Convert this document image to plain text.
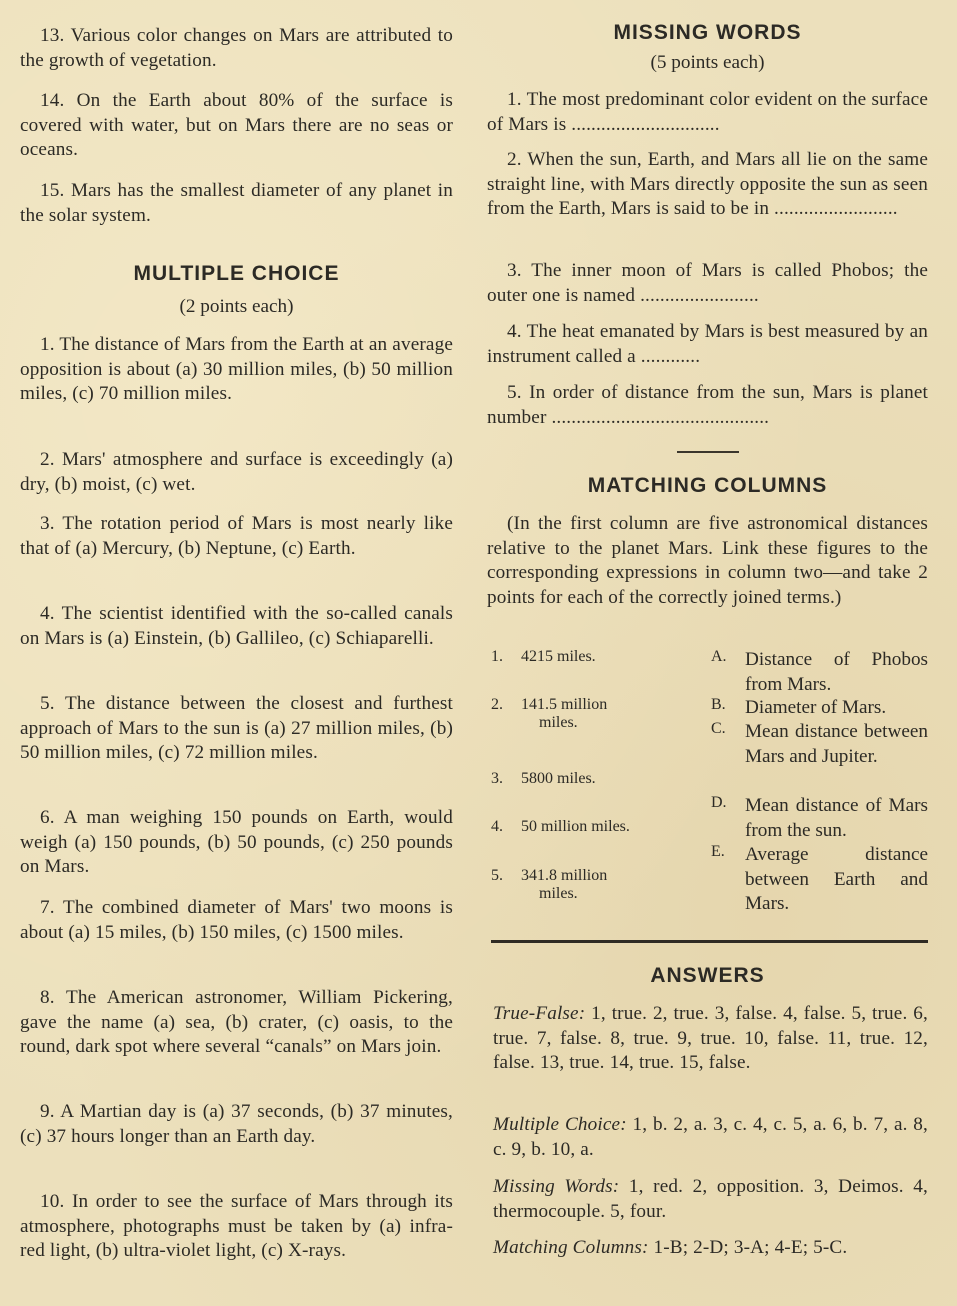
13. Various color changes on Mars are attributed to the growth of vegetation.

14. On the Earth about 80% of the surface is covered with water, but on Mars there are no seas or oceans.

15. Mars has the smallest diameter of any planet in the solar system.

MULTIPLE CHOICE
(2 points each)

1. The distance of Mars from the Earth at an average opposition is about (a) 30 million miles, (b) 50 million miles, (c) 70 million miles.

2. Mars' atmosphere and surface is exceedingly (a) dry, (b) moist, (c) wet.

3. The rotation period of Mars is most nearly like that of (a) Mercury, (b) Neptune, (c) Earth.

4. The scientist identified with the so-called canals on Mars is (a) Einstein, (b) Gallileo, (c) Schiaparelli.

5. The distance between the closest and furthest approach of Mars to the sun is (a) 27 million miles, (b) 50 million miles, (c) 72 million miles.

6. A man weighing 150 pounds on Earth, would weigh (a) 150 pounds, (b) 50 pounds, (c) 250 pounds on Mars.

7. The combined diameter of Mars' two moons is about (a) 15 miles, (b) 150 miles, (c) 1500 miles.

8. The American astronomer, William Pickering, gave the name (a) sea, (b) crater, (c) oasis, to the round, dark spot where several “canals” on Mars join.

9. A Martian day is (a) 37 seconds, (b) 37 minutes, (c) 37 hours longer than an Earth day.

10. In order to see the surface of Mars through its atmosphere, photographs must be taken by (a) infra-red light, (b) ultra-violet light, (c) X-rays.

MISSING WORDS
(5 points each)

1. The most predominant color evident on the surface of Mars is ..............................

2. When the sun, Earth, and Mars all lie on the same straight line, with Mars directly opposite the sun as seen from the Earth, Mars is said to be in .........................

3. The inner moon of Mars is called Phobos; the outer one is named ........................

4. The heat emanated by Mars is best measured by an instrument called a ............

5. In order of distance from the sun, Mars is planet number ............................................

MATCHING COLUMNS

(In the first column are five astronomical distances relative to the planet Mars. Link these figures to the corresponding expressions in column two—and take 2 points for each of the correctly joined terms.)

1. 4215 miles.
2. 141.5 million
miles.
3. 5800 miles.
4. 50 million miles.
5. 341.8 million
miles.
A. Distance of Phobos from Mars.
B. Diameter of Mars.
C. Mean distance between Mars and Jupiter.
D. Mean distance of Mars from the sun.
E. Average distance between Earth and Mars.
ANSWERS

True-False: 1, true. 2, true. 3, false. 4, false. 5, true. 6, true. 7, false. 8, true. 9, true. 10, false. 11, true. 12, false. 13, true. 14, true. 15, false.

Multiple Choice: 1, b. 2, a. 3, c. 4, c. 5, a. 6, b. 7, a. 8, c. 9, b. 10, a.

Missing Words: 1, red. 2, opposition. 3, Deimos. 4, thermocouple. 5, four.

Matching Columns: 1-B; 2-D; 3-A; 4-E; 5-C.
